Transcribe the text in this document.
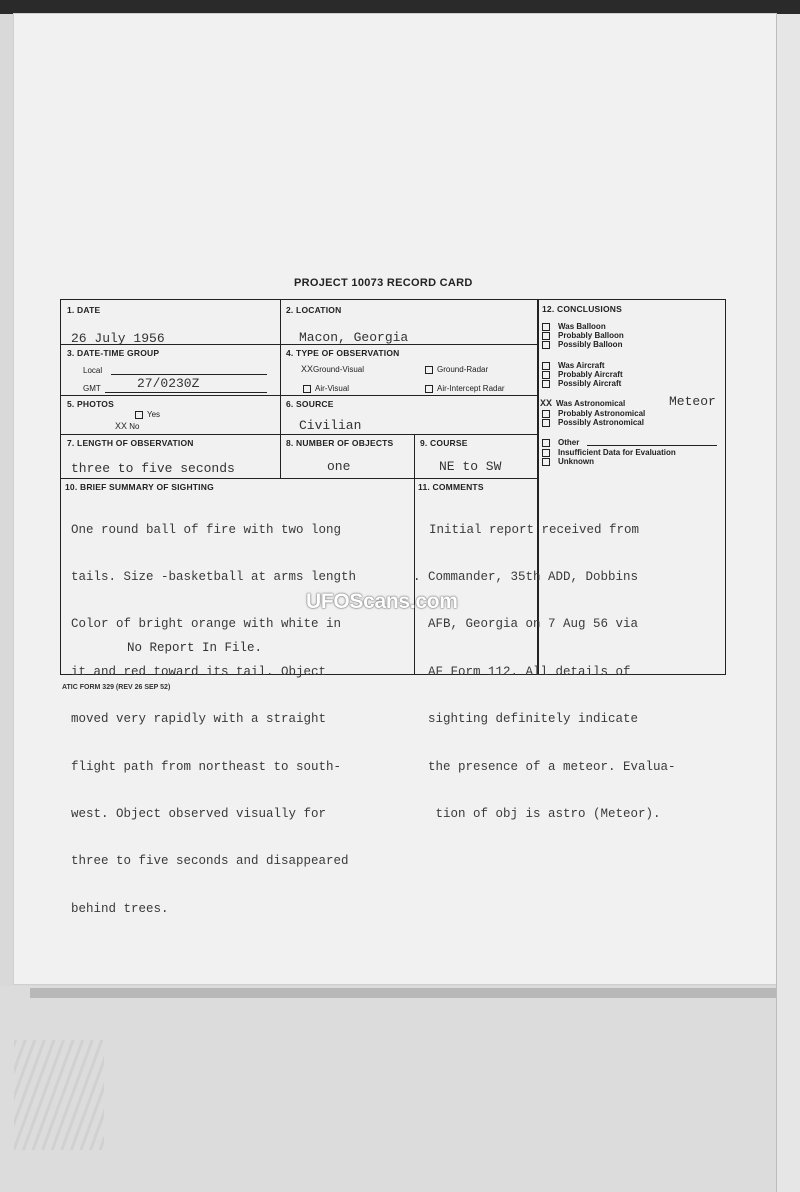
PROJECT 10073 RECORD CARD
1. DATE
26 July 1956
2. LOCATION
Macon, Georgia
3. DATE-TIME GROUP
Local
GMT	27/0230Z
4. TYPE OF OBSERVATION
XXGround-Visual	Ground-Radar
Air-Visual	Air-Intercept Radar
5. PHOTOS
Yes
XX No
6. SOURCE
Civilian
7. LENGTH OF OBSERVATION
three to five seconds
8. NUMBER OF OBJECTS
one
9. COURSE
NE to SW
10. BRIEF SUMMARY OF SIGHTING

One round ball of fire with two long

tails. Size -basketball at arms length

Color of bright orange with white in

it and red toward its tail. Object

moved very rapidly with a straight

flight path from northeast to south-

west. Object observed visually for

three to five seconds and disappeared

behind trees.

No Report In File.
11. COMMENTS

Initial report received from

. Commander, 35th ADD, Dobbins

AFB, Georgia on 7 Aug 56 via

AF Form 112. All details of

sighting definitely indicate

the presence of a meteor. Evalua-

tion of obj is astro (Meteor).

12. CONCLUSIONS
Was Balloon
Probably Balloon
Possibly Balloon
Was Aircraft
Probably Aircraft
Possibly Aircraft
XX Was Astronomical
Probably Astronomical
Possibly Astronomical
Meteor
Other
Insufficient Data for Evaluation
Unknown
ATIC FORM 329 (REV 26 SEP 52)
UFOScans.com
